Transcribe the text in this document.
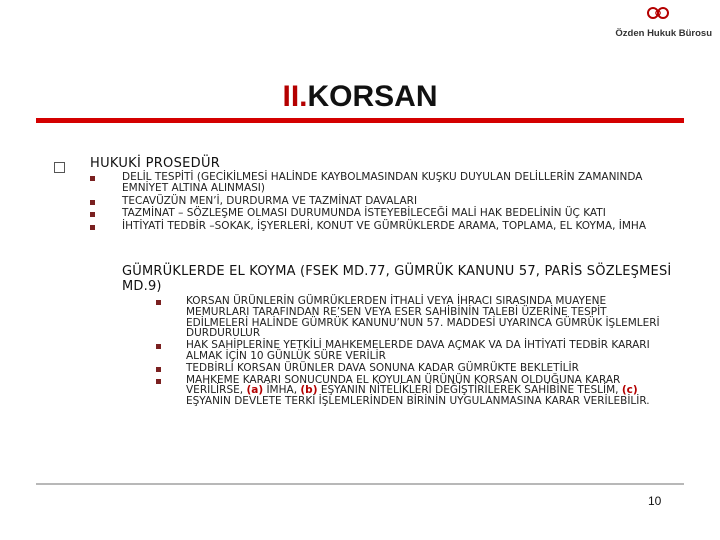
Özden Hukuk Bürosu
II.KORSAN
HUKUKİ PROSEDÜR
DELİL TESPİTİ (GECİKİLMESİ HALİNDE KAYBOLMASINDAN KUŞKU DUYULAN DELİLLERİN ZAMANINDA EMNİYET ALTINA ALINMASI)
TECAVÜZÜN MEN’İ, DURDURMA VE TAZMİNAT DAVALARI
TAZMİNAT – SÖZLEŞME OLMASI DURUMUNDA İSTEYEBİLECEĞİ MALİ HAK BEDELİNİN ÜÇ KATI
İHTİYATİ TEDBİR –SOKAK, İŞYERLERİ, KONUT VE GÜMRÜKLERDE ARAMA, TOPLAMA, EL KOYMA, İMHA
GÜMRÜKLERDE EL KOYMA (FSEK MD.77, GÜMRÜK KANUNU 57, PARİS SÖZLEŞMESİ MD.9)
KORSAN ÜRÜNLERİN GÜMRÜKLERDEN İTHALİ VEYA İHRACI SIRASINDA MUAYENE MEMURLARI TARAFINDAN RE’SEN VEYA ESER SAHİBİNİN TALEBİ ÜZERİNE TESPİT EDİLMELERİ HALİNDE GÜMRÜK KANUNU’NUN 57. MADDESİ UYARINCA GÜMRÜK İŞLEMLERİ DURDURULUR
HAK SAHİPLERİNE YETKİLİ MAHKEMELERDE DAVA AÇMAK VA DA İHTİYATİ TEDBİR KARARI ALMAK İÇİN 10 GÜNLÜK SÜRE VERİLİR
TEDBİRLİ KORSAN ÜRÜNLER DAVA SONUNA KADAR GÜMRÜKTE BEKLETİLİR
MAHKEME KARARI SONUCUNDA EL KOYULAN ÜRÜNÜN KORSAN OLDUĞUNA KARAR VERİLİRSE, (a) İMHA, (b) EŞYANIN NİTELİKLERİ DEĞİŞTİRİLEREK SAHİBİNE TESLİM, (c) EŞYANIN DEVLETE TERKİ İŞLEMLERİNDEN BİRİNİN UYGULANMASINA KARAR VERİLEBİLİR.
10
